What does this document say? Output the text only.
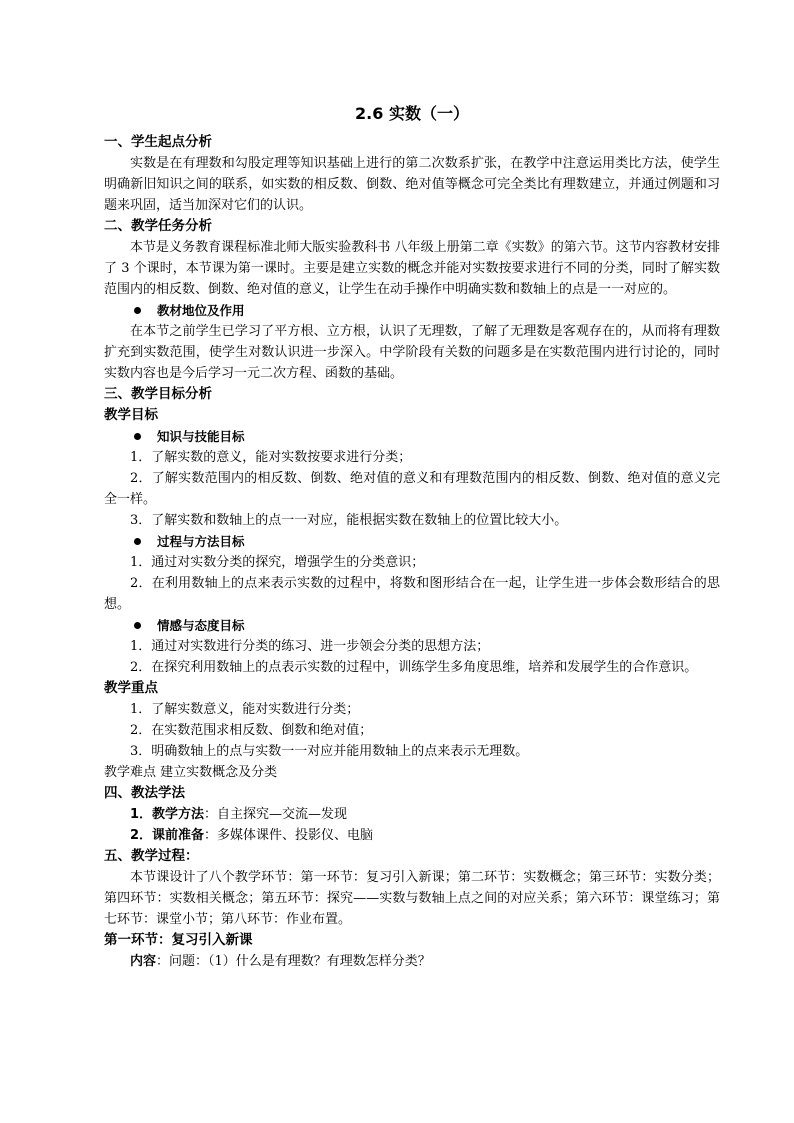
2.6 实数（一）
一、学生起点分析

实数是在有理数和勾股定理等知识基础上进行的第二次数系扩张，在教学中注意运用类比方法，使学生明确新旧知识之间的联系，如实数的相反数、倒数、绝对值等概念可完全类比有理数建立，并通过例题和习题来巩固，适当加深对它们的认识。

二、教学任务分析

本节是义务教育课程标准北师大版实验教科书 八年级上册第二章《实数》的第六节。这节内容教材安排了 3 个课时，本节课为第一课时。主要是建立实数的概念并能对实数按要求进行不同的分类，同时了解实数范围内的相反数、倒数、绝对值的意义，让学生在动手操作中明确实数和数轴上的点是一一对应的。

教材地位及作用

在本节之前学生已学习了平方根、立方根，认识了无理数，了解了无理数是客观存在的，从而将有理数扩充到实数范围，使学生对数认识进一步深入。中学阶段有关数的问题多是在实数范围内进行讨论的，同时实数内容也是今后学习一元二次方程、函数的基础。

三、教学目标分析
教学目标
知识与技能目标

1．了解实数的意义，能对实数按要求进行分类；

2．了解实数范围内的相反数、倒数、绝对值的意义和有理数范围内的相反数、倒数、绝对值的意义完全一样。

3．了解实数和数轴上的点一一对应，能根据实数在数轴上的位置比较大小。

过程与方法目标

1．通过对实数分类的探究，增强学生的分类意识；

2．在利用数轴上的点来表示实数的过程中，将数和图形结合在一起，让学生进一步体会数形结合的思想。

情感与态度目标

1．通过对实数进行分类的练习、进一步领会分类的思想方法；

2．在探究利用数轴上的点表示实数的过程中，训练学生多角度思维，培养和发展学生的合作意识。

教学重点

1．了解实数意义，能对实数进行分类；

2．在实数范围求相反数、倒数和绝对值；

3．明确数轴上的点与实数一一对应并能用数轴上的点来表示无理数。

教学难点 建立实数概念及分类
四、教法学法
1．教学方法：自主探究—交流—发现
2．课前准备：多媒体课件、投影仪、电脑
五、教学过程：

本节课设计了八个教学环节：第一环节：复习引入新课；第二环节：实数概念；第三环节：实数分类；第四环节：实数相关概念；第五环节：探究——实数与数轴上点之间的对应关系；第六环节：课堂练习；第七环节：课堂小节；第八环节：作业布置。

第一环节：复习引入新课
内容：问题：（1）什么是有理数？有理数怎样分类？
